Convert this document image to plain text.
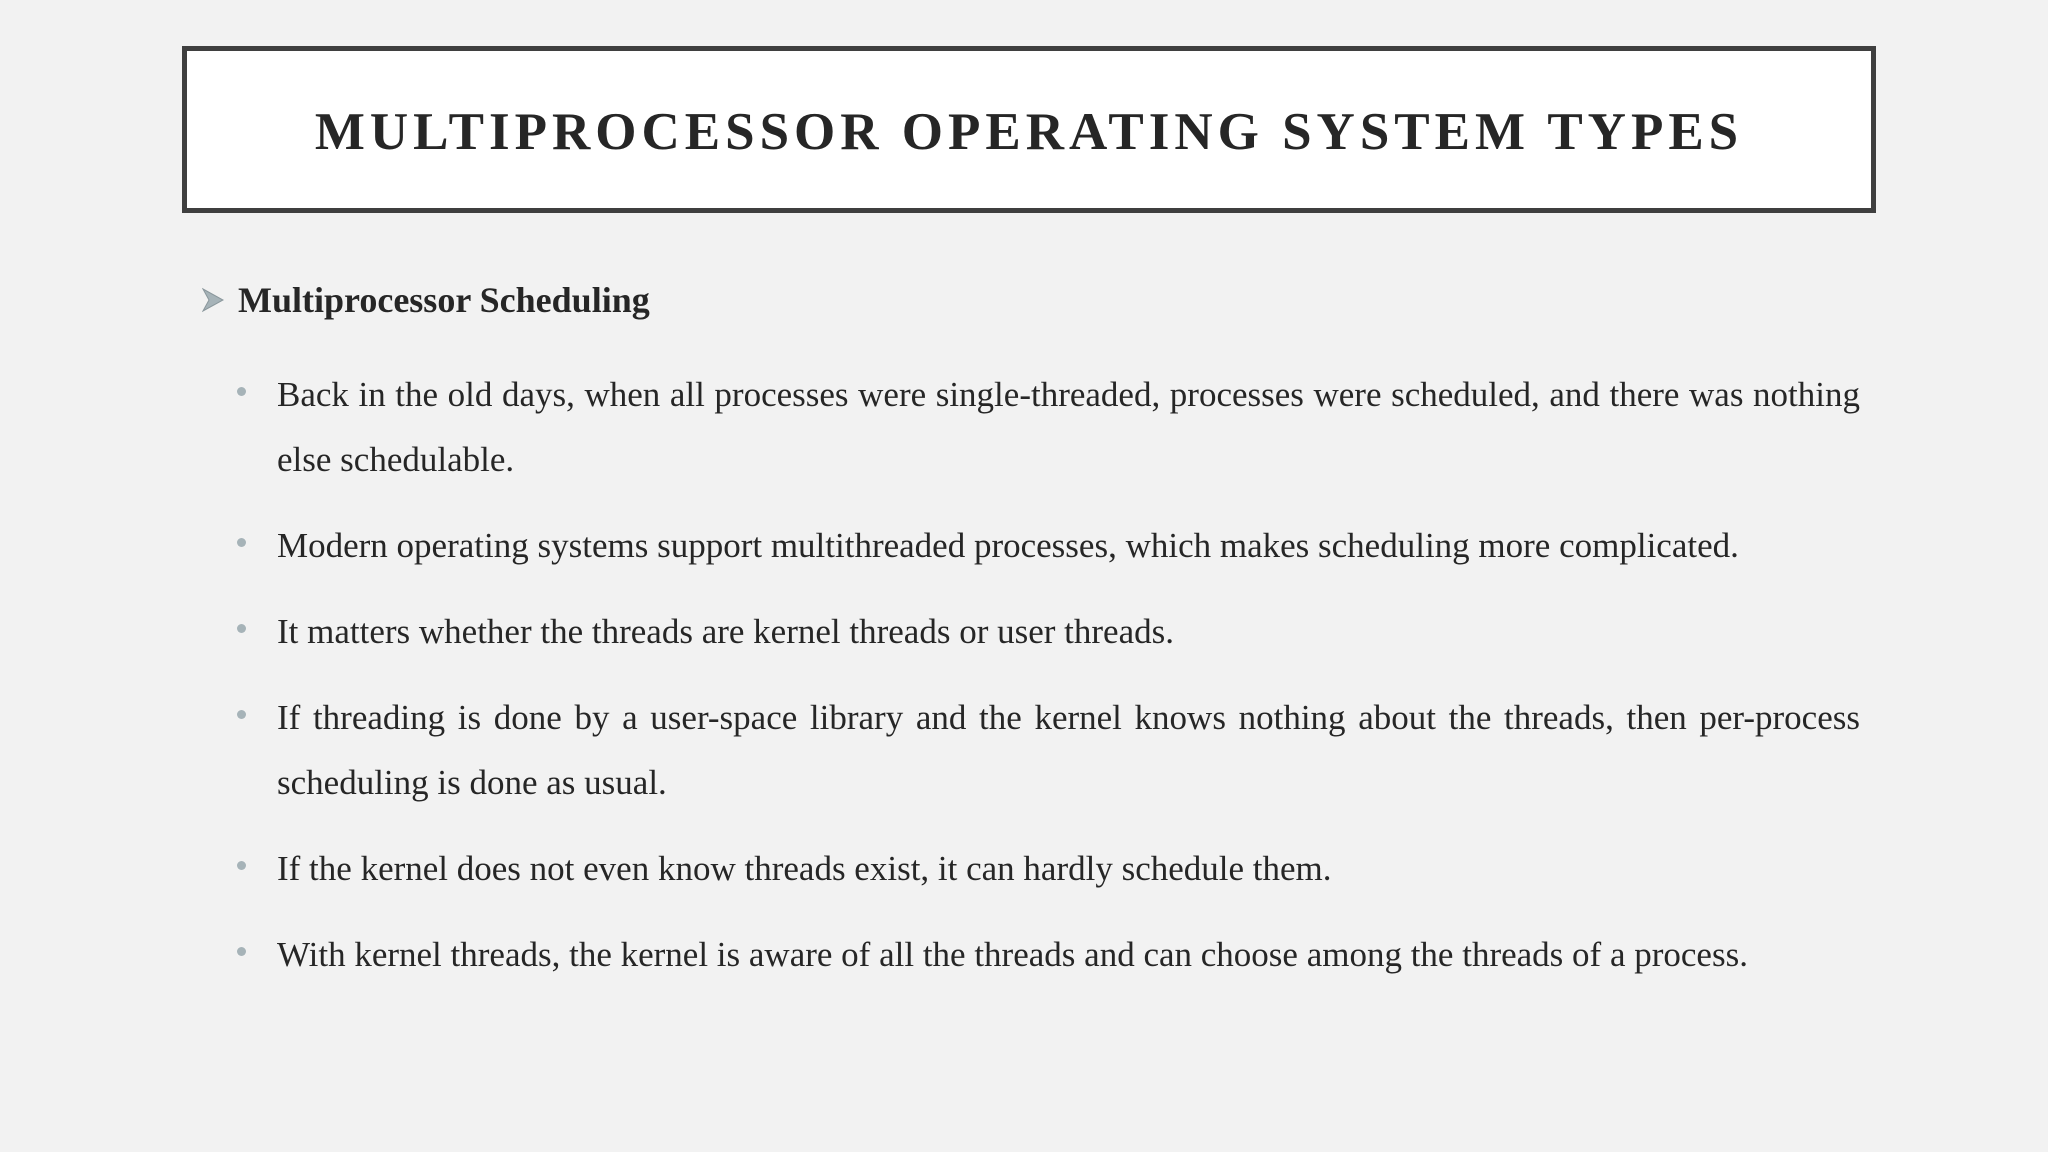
MULTIPROCESSOR OPERATING SYSTEM TYPES
Multiprocessor Scheduling
Back in the old days, when all processes were single-threaded, processes were scheduled, and there was nothing else schedulable.
Modern operating systems support multithreaded processes, which makes scheduling more complicated.
It matters whether the threads are kernel threads or user threads.
If threading is done by a user-space library and the kernel knows nothing about the threads, then per-process scheduling is done as usual.
If the kernel does not even know threads exist, it can hardly schedule them.
With kernel threads, the kernel is aware of all the threads and can choose among the threads of a process.
